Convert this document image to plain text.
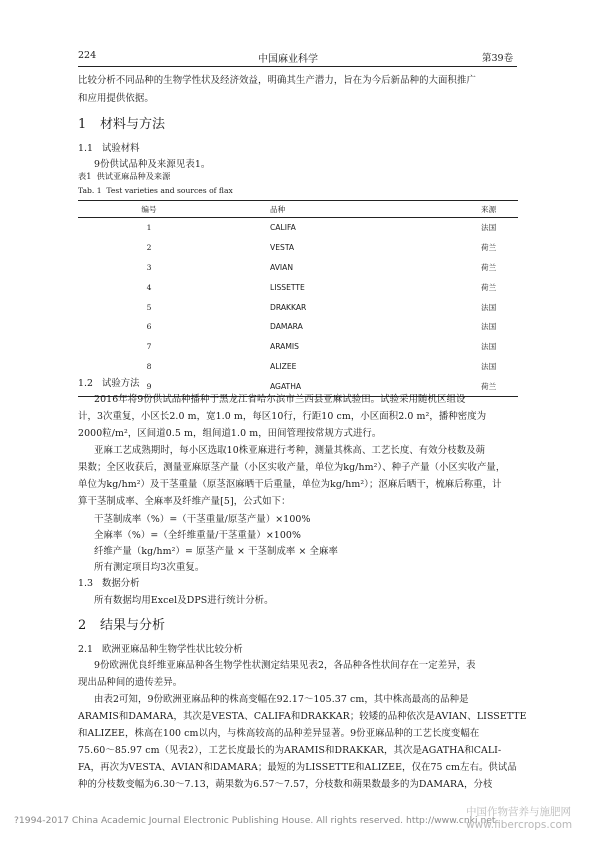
224	中国麻业科学	第39卷
比较分析不同品种的生物学性状及经济效益，明确其生产潜力，旨在为今后新品种的大面积推广
和应用提供依据。
1 材料与方法
1.1 试验材料
9份供试品种及来源见表1。
表1 供试亚麻品种及来源
Tab. 1 Test varieties and sources of flax
编号	品种	来源
1	CALIFA	法国
2	VESTA	荷兰
3	AVIAN	荷兰
4	LISSETTE	荷兰
5	DRAKKAR	法国
6	DAMARA	法国
7	ARAMIS	法国
8	ALIZEE	法国
9	AGATHA	荷兰
1.2 试验方法
2016年将9份供试品种播种于黑龙江省哈尔滨市兰西县亚麻试验田。试验采用随机区组设
计，3次重复，小区长2.0 m，宽1.0 m，每区10行，行距10 cm，小区面积2.0 m²，播种密度为
2000粒/m²，区间道0.5 m，组间道1.0 m，田间管理按常规方式进行。
亚麻工艺成熟期时，每小区选取10株亚麻进行考种，测量其株高、工艺长度、有效分枝数及蒴
果数；全区收获后，测量亚麻原茎产量（小区实收产量，单位为kg/hm²）、种子产量（小区实收产量，
单位为kg/hm²）及干茎重量（原茎沤麻晒干后重量，单位为kg/hm²）；沤麻后晒干，梳麻后称重，计
算干茎制成率、全麻率及纤维产量[5]，公式如下：
干茎制成率（%）=（干茎重量/原茎产量）×100%
全麻率（%）=（全纤维重量/干茎重量）×100%
纤维产量（kg/hm²）= 原茎产量 × 干茎制成率 × 全麻率
所有测定项目均3次重复。
1.3 数据分析
所有数据均用Excel及DPS进行统计分析。
2 结果与分析
2.1 欧洲亚麻品种生物学性状比较分析
9份欧洲优良纤维亚麻品种各生物学性状测定结果见表2，各品种各性状间存在一定差异，表
现出品种间的遗传差异。
由表2可知，9份欧洲亚麻品种的株高变幅在92.17～105.37 cm，其中株高最高的品种是
ARAMIS和DAMARA，其次是VESTA、CALIFA和DRAKKAR；较矮的品种依次是AVIAN、LISSETTE
和ALIZEE，株高在100 cm以内，与株高较高的品种差异显著。9份亚麻品种的工艺长度变幅在
75.60～85.97 cm（见表2），工艺长度最长的为ARAMIS和DRAKKAR，其次是AGATHA和CALI-
FA，再次为VESTA、AVIAN和DAMARA；最短的为LISSETTE和ALIZEE，仅在75 cm左右。供试品
种的分枝数变幅为6.30～7.13，蒴果数为6.57～7.57，分枝数和蒴果数最多的为DAMARA，分枝
?1994-2017 China Academic Journal Electronic Publishing House. All rights reserved. http://www.cnki.net
中国作物营养与施肥网
www.fibercrops.com
